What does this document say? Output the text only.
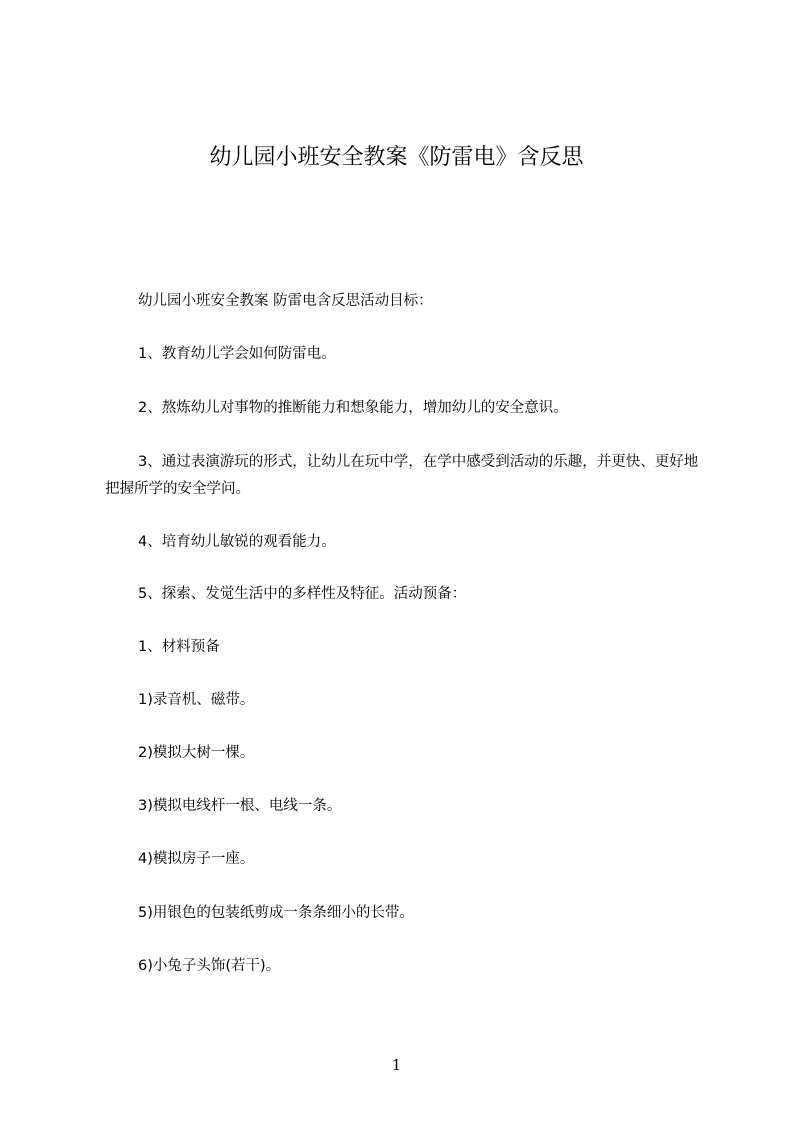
幼儿园小班安全教案《防雷电》含反思
幼儿园小班安全教案 防雷电含反思活动目标：
1、教育幼儿学会如何防雷电。
2、熬炼幼儿对事物的推断能力和想象能力，增加幼儿的安全意识。
3、通过表演游玩的形式，让幼儿在玩中学，在学中感受到活动的乐趣，并更快、更好地把握所学的安全学问。
4、培育幼儿敏锐的观看能力。
5、探索、发觉生活中的多样性及特征。活动预备：
1、材料预备
1)录音机、磁带。
2)模拟大树一棵。
3)模拟电线杆一根、电线一条。
4)模拟房子一座。
5)用银色的包装纸剪成一条条细小的长带。
6)小兔子头饰(若干)。
1
